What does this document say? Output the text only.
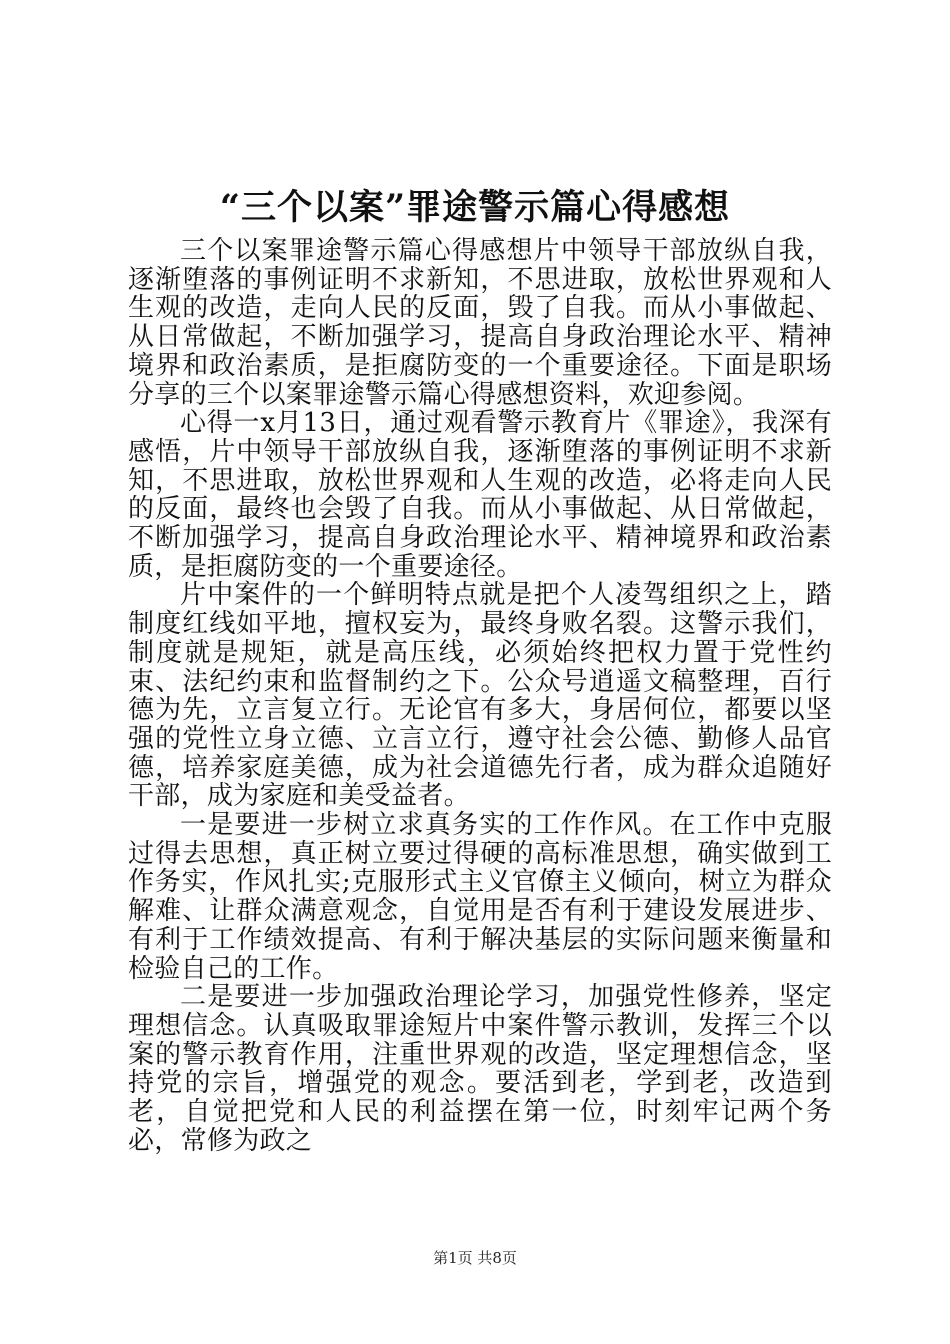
“三个以案”罪途警示篇心得感想

三个以案罪途警示篇心得感想片中领导干部放纵自我，逐渐堕落的事例证明不求新知，不思进取，放松世界观和人生观的改造，走向人民的反面，毁了自我。而从小事做起、从日常做起，不断加强学习，提高自身政治理论水平、精神境界和政治素质，是拒腐防变的一个重要途径。下面是职场分享的三个以案罪途警示篇心得感想资料，欢迎参阅。

心得一x月13日，通过观看警示教育片《罪途》，我深有感悟，片中领导干部放纵自我，逐渐堕落的事例证明不求新知，不思进取，放松世界观和人生观的改造，必将走向人民的反面，最终也会毁了自我。而从小事做起、从日常做起，不断加强学习，提高自身政治理论水平、精神境界和政治素质，是拒腐防变的一个重要途径。

片中案件的一个鲜明特点就是把个人凌驾组织之上，踏制度红线如平地，擅权妄为，最终身败名裂。这警示我们，制度就是规矩，就是高压线，必须始终把权力置于党性约束、法纪约束和监督制约之下。公众号逍遥文稿整理，百行德为先，立言复立行。无论官有多大，身居何位，都要以坚强的党性立身立德、立言立行，遵守社会公德、勤修人品官德，培养家庭美德，成为社会道德先行者，成为群众追随好干部，成为家庭和美受益者。

一是要进一步树立求真务实的工作作风。在工作中克服过得去思想，真正树立要过得硬的高标准思想，确实做到工作务实，作风扎实;克服形式主义官僚主义倾向，树立为群众解难、让群众满意观念，自觉用是否有利于建设发展进步、有利于工作绩效提高、有利于解决基层的实际问题来衡量和检验自己的工作。

二是要进一步加强政治理论学习，加强党性修养，坚定理想信念。认真吸取罪途短片中案件警示教训，发挥三个以案的警示教育作用，注重世界观的改造，坚定理想信念，坚持党的宗旨，增强党的观念。要活到老，学到老，改造到老，自觉把党和人民的利益摆在第一位，时刻牢记两个务必，常修为政之

第1页 共8页
